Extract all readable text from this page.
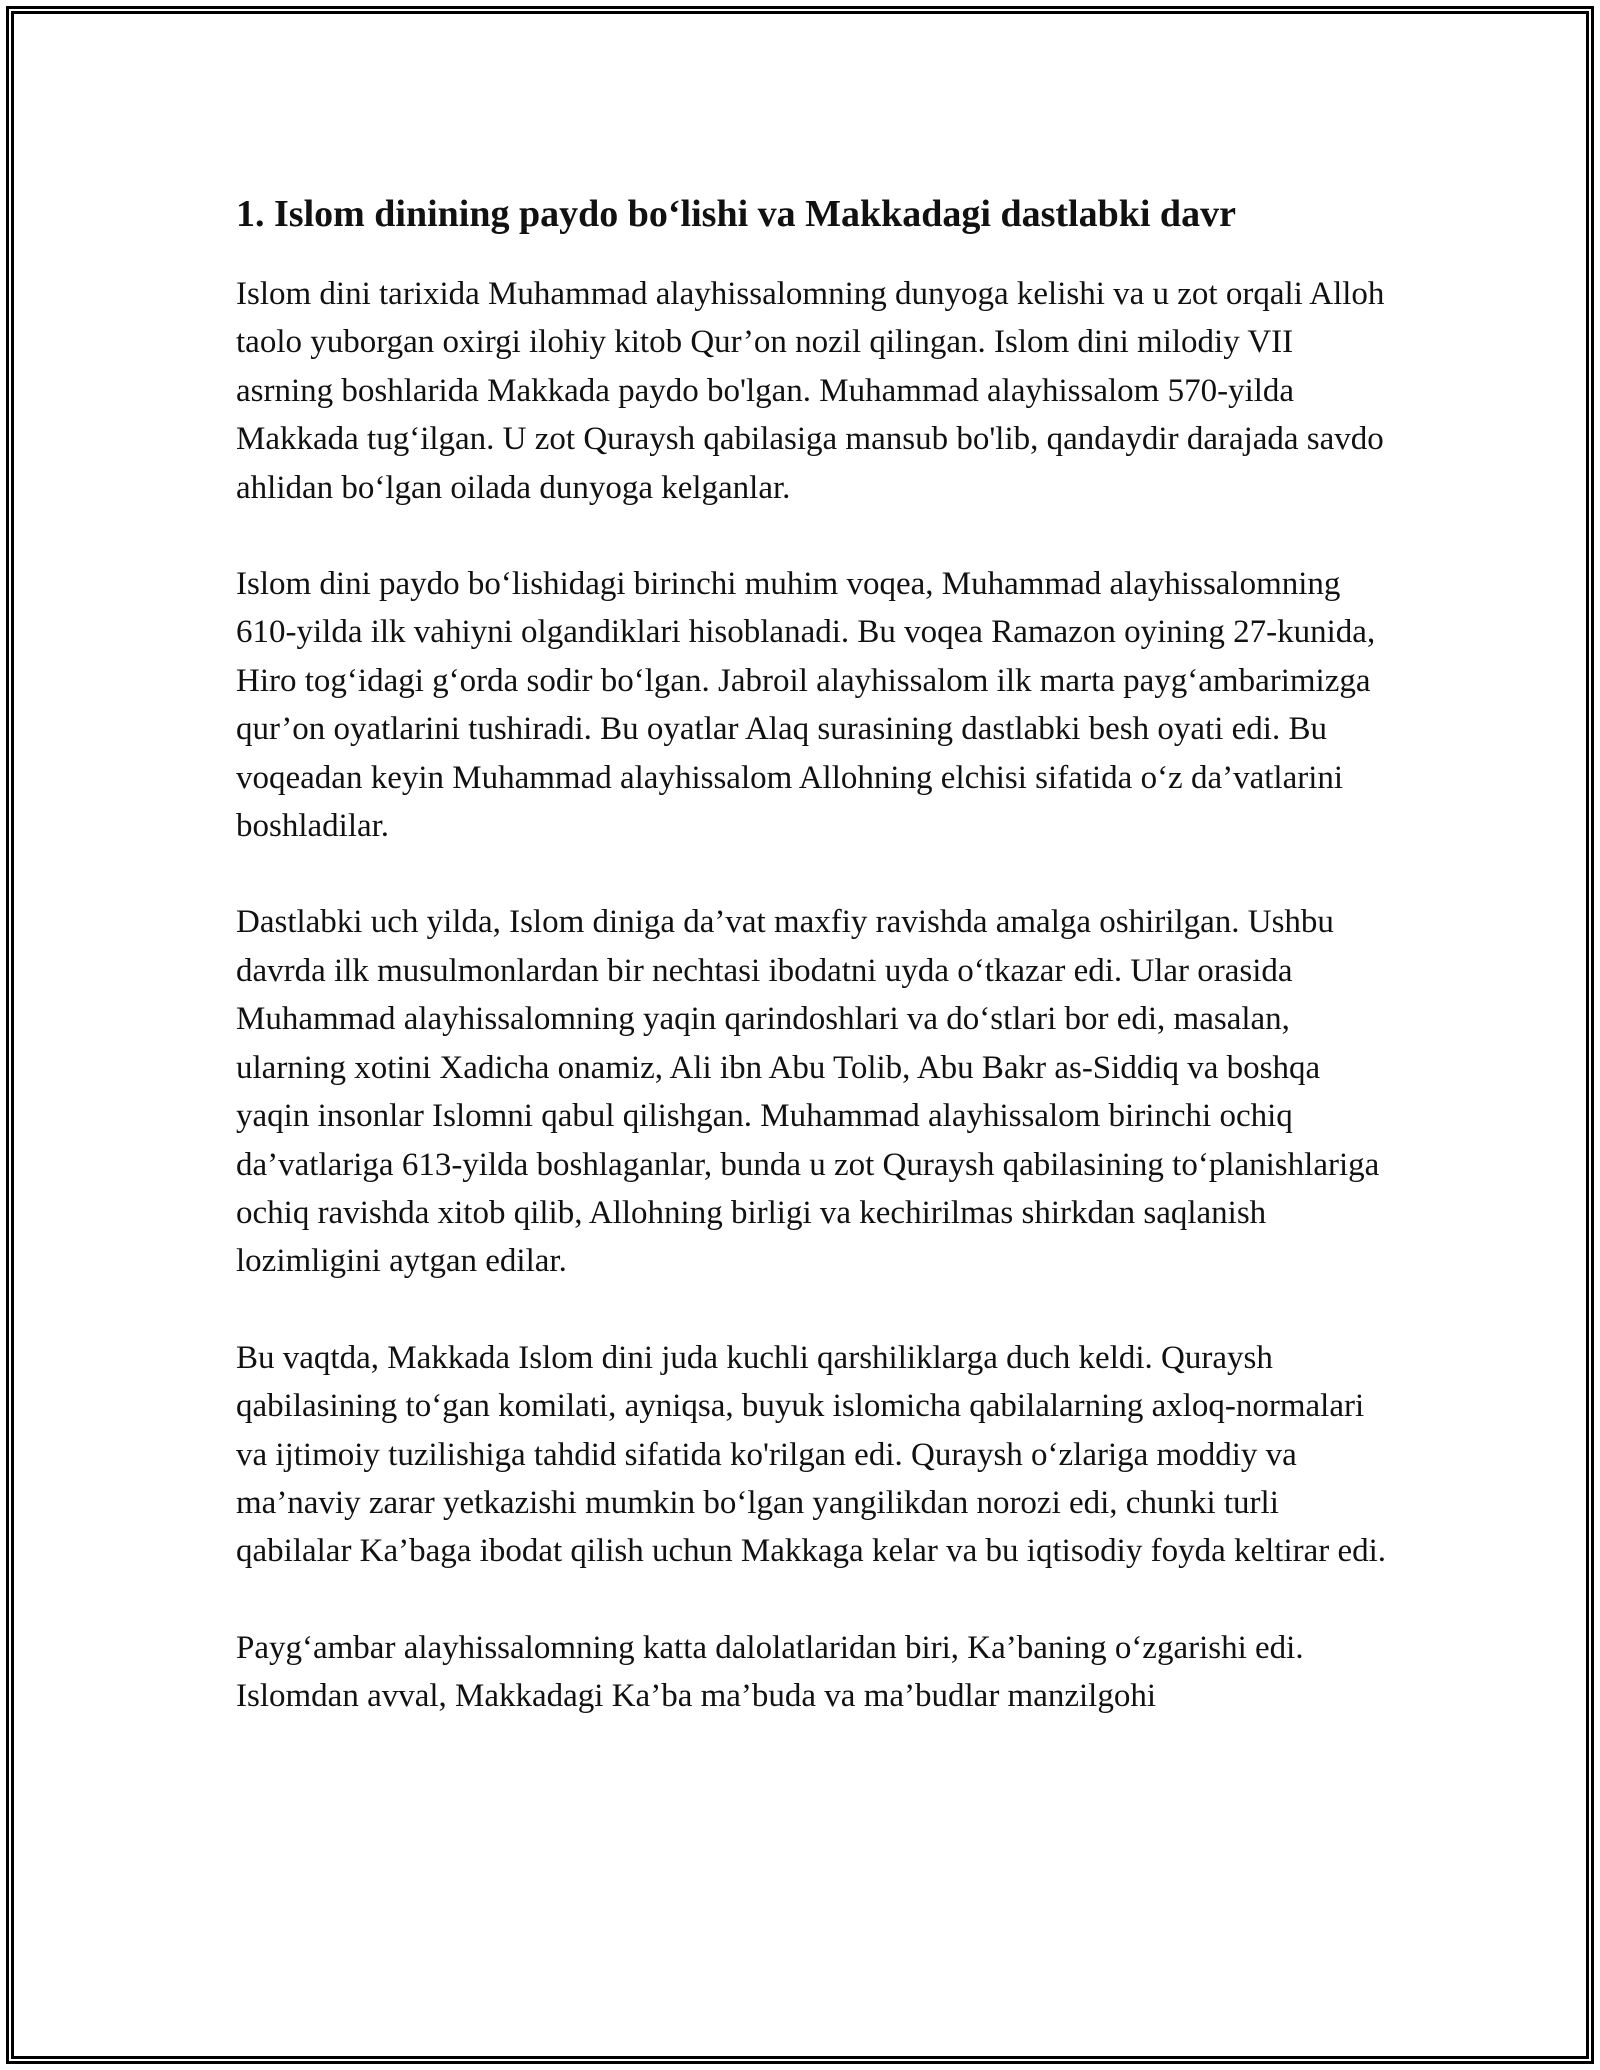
1. Islom dinining paydo bo‘lishi va Makkadagi dastlabki davr

Islom dini tarixida Muhammad alayhissalomning dunyoga kelishi va u zot orqali Alloh taolo yuborgan oxirgi ilohiy kitob Qur’on nozil qilingan. Islom dini milodiy VII asrning boshlarida Makkada paydo bo'lgan. Muhammad alayhissalom 570-yilda Makkada tug‘ilgan. U zot Quraysh qabilasiga mansub bo'lib, qandaydir darajada savdo ahlidan bo‘lgan oilada dunyoga kelganlar.

Islom dini paydo bo‘lishidagi birinchi muhim voqea, Muhammad alayhissalomning 610-yilda ilk vahiyni olgandiklari hisoblanadi. Bu voqea Ramazon oyining 27-kunida, Hiro tog‘idagi g‘orda sodir bo‘lgan. Jabroil alayhissalom ilk marta payg‘ambarimizga qur’on oyatlarini tushiradi. Bu oyatlar Alaq surasining dastlabki besh oyati edi. Bu voqeadan keyin Muhammad alayhissalom Allohning elchisi sifatida o‘z da’vatlarini boshladilar.

Dastlabki uch yilda, Islom diniga da’vat maxfiy ravishda amalga oshirilgan. Ushbu davrda ilk musulmonlardan bir nechtasi ibodatni uyda o‘tkazar edi. Ular orasida Muhammad alayhissalomning yaqin qarindoshlari va do‘stlari bor edi, masalan, ularning xotini Xadicha onamiz, Ali ibn Abu Tolib, Abu Bakr as-Siddiq va boshqa yaqin insonlar Islomni qabul qilishgan. Muhammad alayhissalom birinchi ochiq da’vatlariga 613-yilda boshlaganlar, bunda u zot Quraysh qabilasining to‘planishlariga ochiq ravishda xitob qilib, Allohning birligi va kechirilmas shirkdan saqlanish lozimligini aytgan edilar.

Bu vaqtda, Makkada Islom dini juda kuchli qarshiliklarga duch keldi. Quraysh qabilasining to‘gan komilati, ayniqsa, buyuk islomicha qabilalarning axloq-normalari va ijtimoiy tuzilishiga tahdid sifatida ko'rilgan edi. Quraysh o‘zlariga moddiy va ma’naviy zarar yetkazishi mumkin bo‘lgan yangilikdan norozi edi, chunki turli qabilalar Ka’baga ibodat qilish uchun Makkaga kelar va bu iqtisodiy foyda keltirar edi.

Payg‘ambar alayhissalomning katta dalolatlaridan biri, Ka’baning o‘zgarishi edi. Islomdan avval, Makkadagi Ka’ba ma’buda va ma’budlar manzilgohi
